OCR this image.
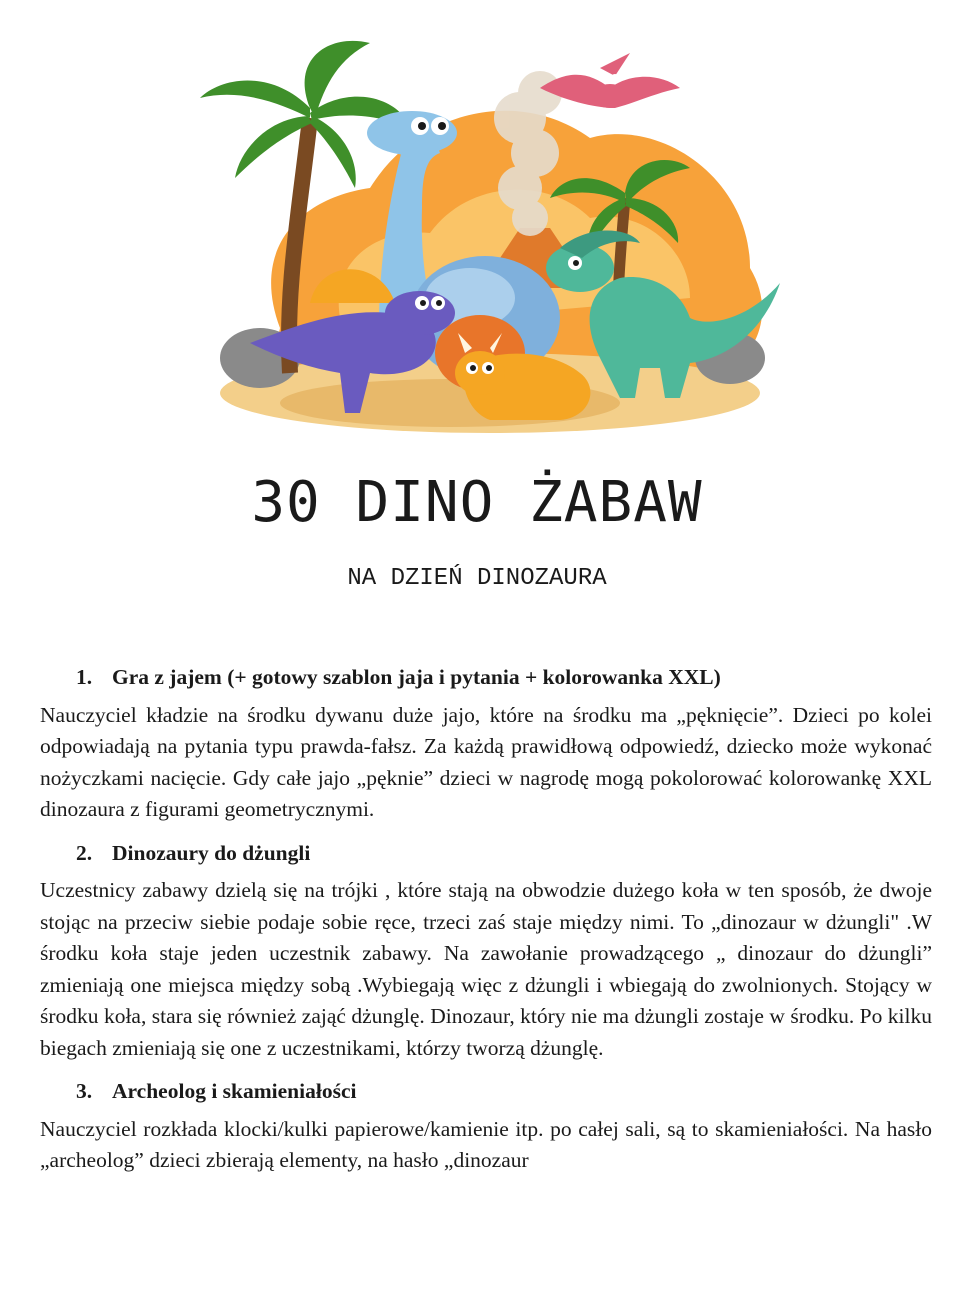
30 DINO ŻABAW
NA DZIEŃ DINOZAURA
1. Gra z jajem (+ gotowy szablon jaja i pytania + kolorowanka XXL)
Nauczyciel kładzie na środku dywanu duże jajo, które na środku ma „pęknięcie”. Dzieci po kolei odpowiadają na pytania typu prawda-fałsz. Za każdą prawidłową odpowiedź, dziecko może wykonać nożyczkami nacięcie. Gdy całe jajo „pęknie” dzieci w nagrodę mogą pokolorować kolorowankę XXL dinozaura z figurami geometrycznymi.
2. Dinozaury do dżungli
Uczestnicy zabawy dzielą się na trójki , które stają na obwodzie dużego koła w ten sposób, że dwoje stojąc na przeciw siebie podaje sobie ręce, trzeci zaś staje między nimi. To „dinozaur w dżungli" .W środku koła staje jeden uczestnik zabawy. Na zawołanie prowadzącego „ dinozaur do dżungli” zmieniają one miejsca między sobą .Wybiegają więc z dżungli i wbiegają do zwolnionych. Stojący w środku koła, stara się również zająć dżunglę. Dinozaur, który nie ma dżungli zostaje w środku. Po kilku biegach zmieniają się one z uczestnikami, którzy tworzą dżunglę.
3. Archeolog i skamieniałości
Nauczyciel rozkłada klocki/kulki papierowe/kamienie itp. po całej sali, są to skamieniałości. Na hasło „archeolog” dzieci zbierają elementy, na hasło „dinozaur
